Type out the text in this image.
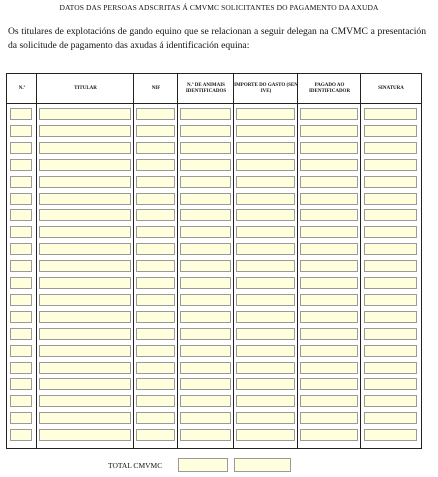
DATOS DAS PERSOAS ADSCRITAS Á CMVMC SOLICITANTES DO PAGAMENTO DA AXUDA
Os titulares de explotacións de gando equino que se relacionan a seguir delegan na CMVMC a presentación da solicitude de pagamento das axudas á identificación equina:
N.º	TITULAR	NIF
N.º DE ANIMAIS IDENTIFICADOS
IMPORTE DO GASTO (SEN IVE)
PAGADO AO IDENTIFICADOR
SINATURA
TOTAL CMVMC
